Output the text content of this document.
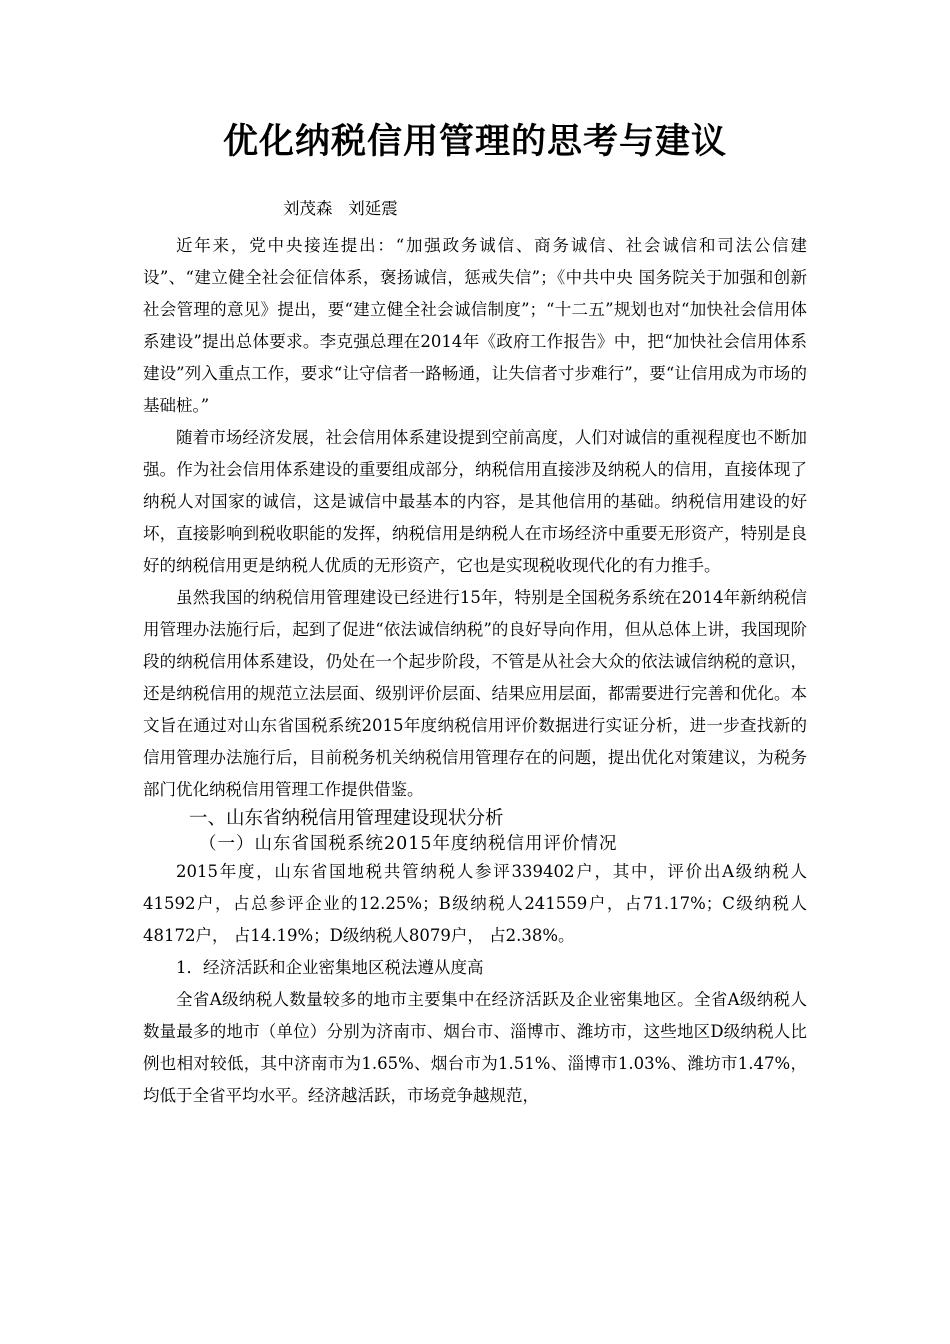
优化纳税信用管理的思考与建议
刘茂森   刘延震

近年来，党中央接连提出：“加强政务诚信、商务诚信、社会诚信和司法公信建设”、“建立健全社会征信体系，褒扬诚信，惩戒失信”；《中共中央 国务院关于加强和创新社会管理的意见》提出，要“建立健全社会诚信制度”；“十二五”规划也对“加快社会信用体系建设”提出总体要求。李克强总理在2014年《政府工作报告》中，把“加快社会信用体系建设”列入重点工作，要求“让守信者一路畅通，让失信者寸步难行”，要“让信用成为市场的基础桩。”

随着市场经济发展，社会信用体系建设提到空前高度，人们对诚信的重视程度也不断加强。作为社会信用体系建设的重要组成部分，纳税信用直接涉及纳税人的信用，直接体现了纳税人对国家的诚信，这是诚信中最基本的内容，是其他信用的基础。纳税信用建设的好坏，直接影响到税收职能的发挥，纳税信用是纳税人在市场经济中重要无形资产，特别是良好的纳税信用更是纳税人优质的无形资产，它也是实现税收现代化的有力推手。

虽然我国的纳税信用管理建设已经进行15年，特别是全国税务系统在2014年新纳税信用管理办法施行后，起到了促进“依法诚信纳税”的良好导向作用，但从总体上讲，我国现阶段的纳税信用体系建设，仍处在一个起步阶段，不管是从社会大众的依法诚信纳税的意识，还是纳税信用的规范立法层面、级别评价层面、结果应用层面，都需要进行完善和优化。本文旨在通过对山东省国税系统2015年度纳税信用评价数据进行实证分析，进一步查找新的信用管理办法施行后，目前税务机关纳税信用管理存在的问题，提出优化对策建议，为税务部门优化纳税信用管理工作提供借鉴。

一、山东省纳税信用管理建设现状分析

（一）山东省国税系统2015年度纳税信用评价情况

2015年度，山东省国地税共管纳税人参评339402户，其中，评价出A级纳税人41592户，占总参评企业的12.25%；B级纳税人241559户，占71.17%；C级纳税人48172户， 占14.19%；D级纳税人8079户， 占2.38%。

1．经济活跃和企业密集地区税法遵从度高

全省A级纳税人数量较多的地市主要集中在经济活跃及企业密集地区。全省A级纳税人数量最多的地市（单位）分别为济南市、烟台市、淄博市、潍坊市，这些地区D级纳税人比例也相对较低，其中济南市为1.65%、烟台市为1.51%、淄博市1.03%、潍坊市1.47%，均低于全省平均水平。经济越活跃，市场竞争越规范，
